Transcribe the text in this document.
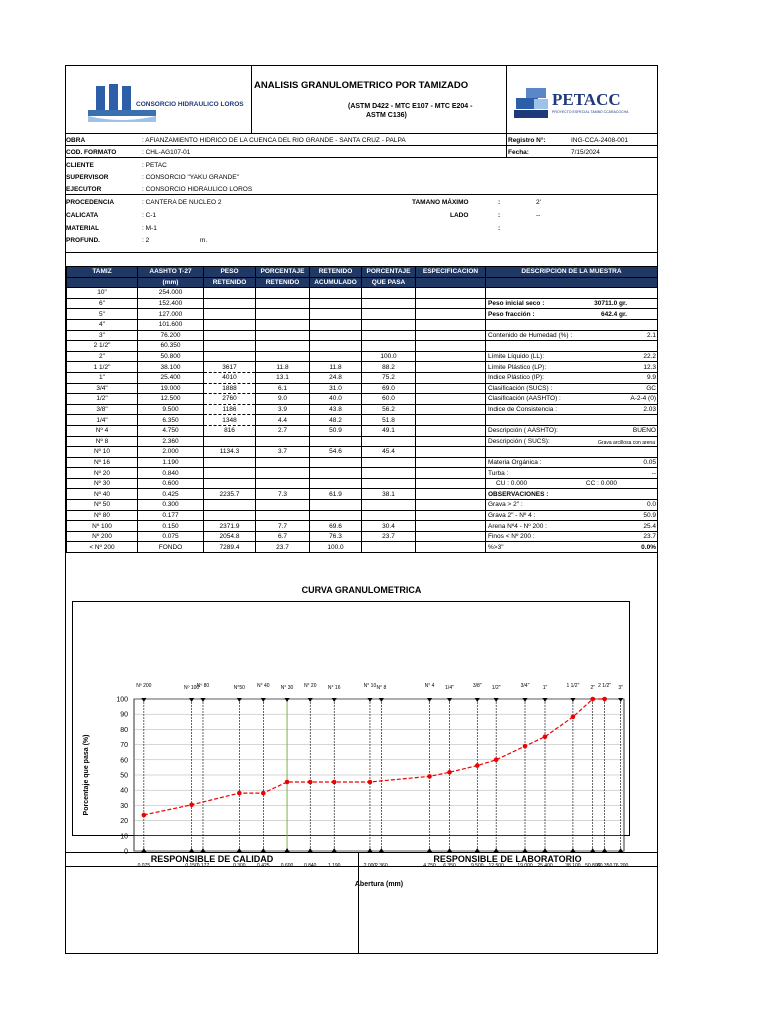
CONSORCIO HIDRAULICO LOROS
ANALISIS GRANULOMETRICO POR TAMIZADO
(ASTM D422 - MTC E107 - MTC E204 -
ASTM C136)
PETACC
PROYECTO ESPECIAL TAMBO CCARACOCHA
OBRA	: AFIANZAMIENTO HIDRICO DE LA CUENCA DEL RIO GRANDE - SANTA CRUZ - PALPA	Registro N°:	ING-CCA-2408-001
COD. FORMATO	: CHL-AG107-01	Fecha:	7/15/2024
CLIENTE	: PETAC
SUPERVISOR	: CONSORCIO "YAKU GRANDE"
EJECUTOR	: CONSORCIO HIDRAULICO LOROS
PROCEDENCIA	: CANTERA DE NUCLEO 2	TAMANO MÁXIMO	:	2'
CALICATA	: C-1	LADO	:	--
MATERIAL	: M-1	:
PROFUND.	: 2	m.
TAMIZ	AASHTO T-27	PESO	PORCENTAJE	RETENIDO	PORCENTAJE	ESPECIFICACION	DESCRIPCION DE LA MUESTRA
	(mm)	RETENIDO	RETENIDO	ACUMULADO	QUE PASA		
10"	254.000						

6"	152.400						Peso inicial seco : 30711.0 gr.

5"	127.000						Peso fracción : 642.4 gr.

4"	101.600						

3"	76.200						Contenido de Humedad (%) : 2.1

2 1/2"	60.350						

2"	50.800				100.0		Límite Líquido (LL): 22.2

1 1/2"	38.100	3617	11.8	11.8	88.2		Límite Plástico (LP): 12.3

1"	25.400	4010	13.1	24.8	75.2		Indice Plástico (IP): 9.9

3/4"	19.000	1888	6.1	31.0	69.0		Clasificación (SUCS) : GC

1/2"	12.500	2760	9.0	40.0	60.0		Clasificación (AASHTO) : A-2-4 (0)

3/8"	9.500	1186	3.9	43.8	56.2		Indice de Consistencia : 2.03

1/4"	6.350	1348	4.4	48.2	51.8		

Nº 4	4.750	816	2.7	50.9	49.1		Descripción ( AASHTO): BUENO

Nº 8	2.360						Descripción ( SUCS): Grava arcillosa con arena

Nº 10	2.000	1134.3	3.7	54.6	45.4		

Nº 16	1.190						Materia Orgánica : 0.05

Nº 20	0.840						Turba : --

Nº 30	0.600						CU : 0.000 CC : 0.000

Nº 40	0.425	2235.7	7.3	61.9	38.1		OBSERVACIONES :

Nº 50	0.300						Grava > 2" : 0.0

Nº 80	0.177						Grava 2" - Nº 4 : 50.9

Nº 100	0.150	2371.9	7.7	69.6	30.4		Arena Nº4 - Nº 200 : 25.4

Nº 200	0.075	2054.8	6.7	76.3	23.7		Finos < Nº 200 : 23.7

< Nº 200	FONDO	7289.4	23.7	100.0			%>3" 0.0%
CURVA GRANULOMETRICA
0
10
20
30
40
50
60
70
80
90
100
Nº 200
0.075
Nº 100
0.150
Nº 80
0.177
N°50
0.300
N° 40
0.425
N° 30
0.600
N° 20
0.840
N° 16
1.190
N° 10
2.000
N° 8
2.360
N° 4
4.750
1/4"
6.350
3/8"
9.500
1/2"
12.500
3/4"
19.000
1"
25.400
1 1/2"
38.100
2"
50.800
2 1/2"
60.350
3"
76.200
Abertura (mm)
Porcentaje que pasa (%)
RESPONSIBLE DE CALIDAD	RESPONSIBLE DE LABORATORIO
